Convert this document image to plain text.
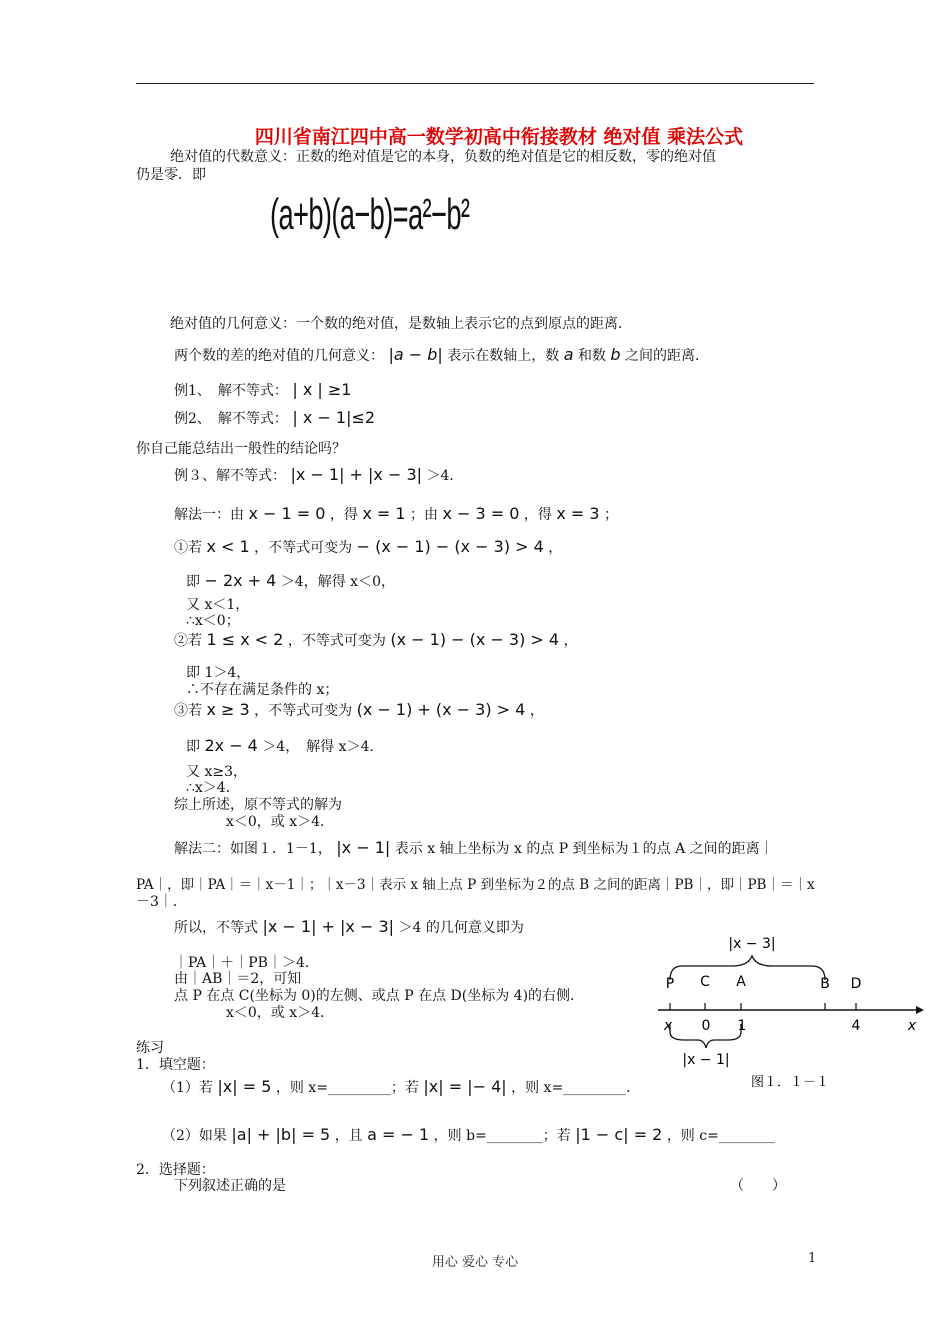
四川省南江四中高一数学初高中衔接教材 绝对值 乘法公式
绝对值的代数意义：正数的绝对值是它的本身，负数的绝对值是它的相反数，零的绝对值
仍是零．即
(a+b)(a−b)=a²−b²
绝对值的几何意义：一个数的绝对值，是数轴上表示它的点到原点的距离．
两个数的差的绝对值的几何意义： |a − b| 表示在数轴上，数 a 和数 b 之间的距离．
例1、　解不等式： | x | ≥1
例2、　解不等式： | x − 1|≤2
你自己能总结出一般性的结论吗？
例３、解不等式： |x − 1| + |x − 3| ＞4．
解法一：由 x − 1 = 0 ，得 x = 1 ；由 x − 3 = 0 ，得 x = 3 ；
①若 x < 1 ，不等式可变为 − (x − 1) − (x − 3) > 4 ，
即 − 2x + 4 ＞4，解得 x＜0，
又 x＜1，
∴x＜0；
②若 1 ≤ x < 2 ，不等式可变为 (x − 1) − (x − 3) > 4 ，
即 1＞4，
∴不存在满足条件的 x；
③若 x ≥ 3 ，不等式可变为 (x − 1) + (x − 3) > 4 ，
即 2x − 4 ＞4，　解得 x＞4．
又 x≥3，
∴x＞4．
综上所述，原不等式的解为
x＜0，或 x＞4．
解法二：如图１．1－1， |x − 1| 表示 x 轴上坐标为 x 的点 P 到坐标为１的点 A 之间的距离｜
PA｜，即｜PA｜＝｜x－1｜；｜x－3｜表示 x 轴上点 P 到坐标为２的点 B 之间的距离｜PB｜，即｜PB｜＝｜x
－3｜．
所以，不等式 |x − 1| + |x − 3| ＞4 的几何意义即为
｜PA｜＋｜PB｜＞4．
由｜AB｜＝2，可知
点 P 在点 C(坐标为 0)的左侧、或点 P 在点 D(坐标为 4)的右侧．
x＜0，或 x＞4．
|x − 3|
P C A	B D
x 0 1	4	x
|x − 1|
图１．１－１
练习
1．填空题：
（1）若 |x| = 5 ，则 x=_________；若 |x| = |− 4| ，则 x=_________．
（2）如果 |a| + |b| = 5 ，且 a = − 1 ，则 b=________；若 |1 − c| = 2 ，则 c=________
2．选择题：
下列叙述正确的是	（　　）
用心 爱心 专心	1
